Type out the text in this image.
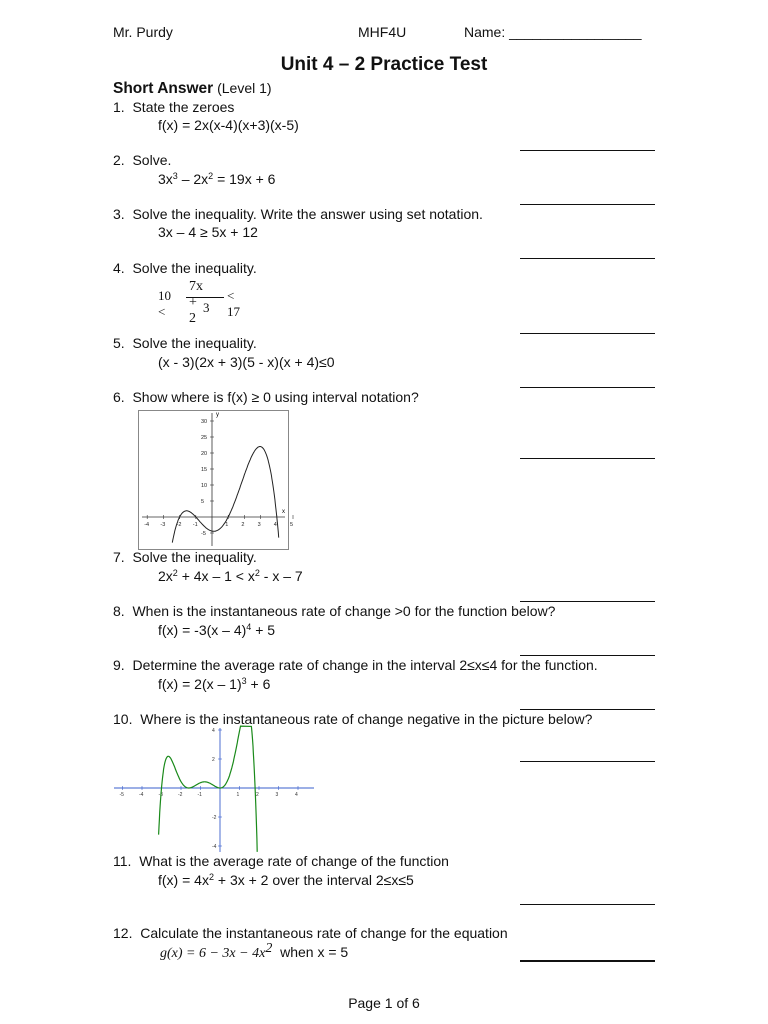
Mr. Purdy	MHF4U	Name: _________________
Unit 4 – 2 Practice Test
Short Answer (Level 1)
1. State the zeroes
f(x) = 2x(x-4)(x+3)(x-5)
2. Solve.
$3x^3 - 2x^2 = 19x + 6$
3. Solve the inequality. Write the answer using set notation.
3x – 4 ≥ 5x + 12
4. Solve the inequality.
10 <
7x + 2
3
< 17
5. Solve the inequality.
(x - 3)(2x + 3)(5 - x)(x + 4)≤0
6. Show where is f(x) ≥ 0 using interval notation?
-4 -3 -2 -1	1 2 3 4 5
30
25
20
15
10
5
-5
x
y
7. Solve the inequality.
$2x^2 + 4x - 1 < x^2 - x - 7$
8. When is the instantaneous rate of change >0 for the function below?
f(x) = -3(x – 4)$^4$ + 5
9. Determine the average rate of change in the interval 2≤x≤4 for the function.
f(x) = 2(x – 1)$^3$ + 6
10. Where is the instantaneous rate of change negative in the picture below?
-5	-4	-3	-2	-1	1	2	3	4
4
2
-2
-4
11. What is the average rate of change of the function
$f(x) = 4x^2 + 3x + 2$ over the interval 2≤x≤5
12. Calculate the instantaneous rate of change for the equation
$g(x) = 6 - 3x - 4x^2$ when x = 5
Page 1 of 6
